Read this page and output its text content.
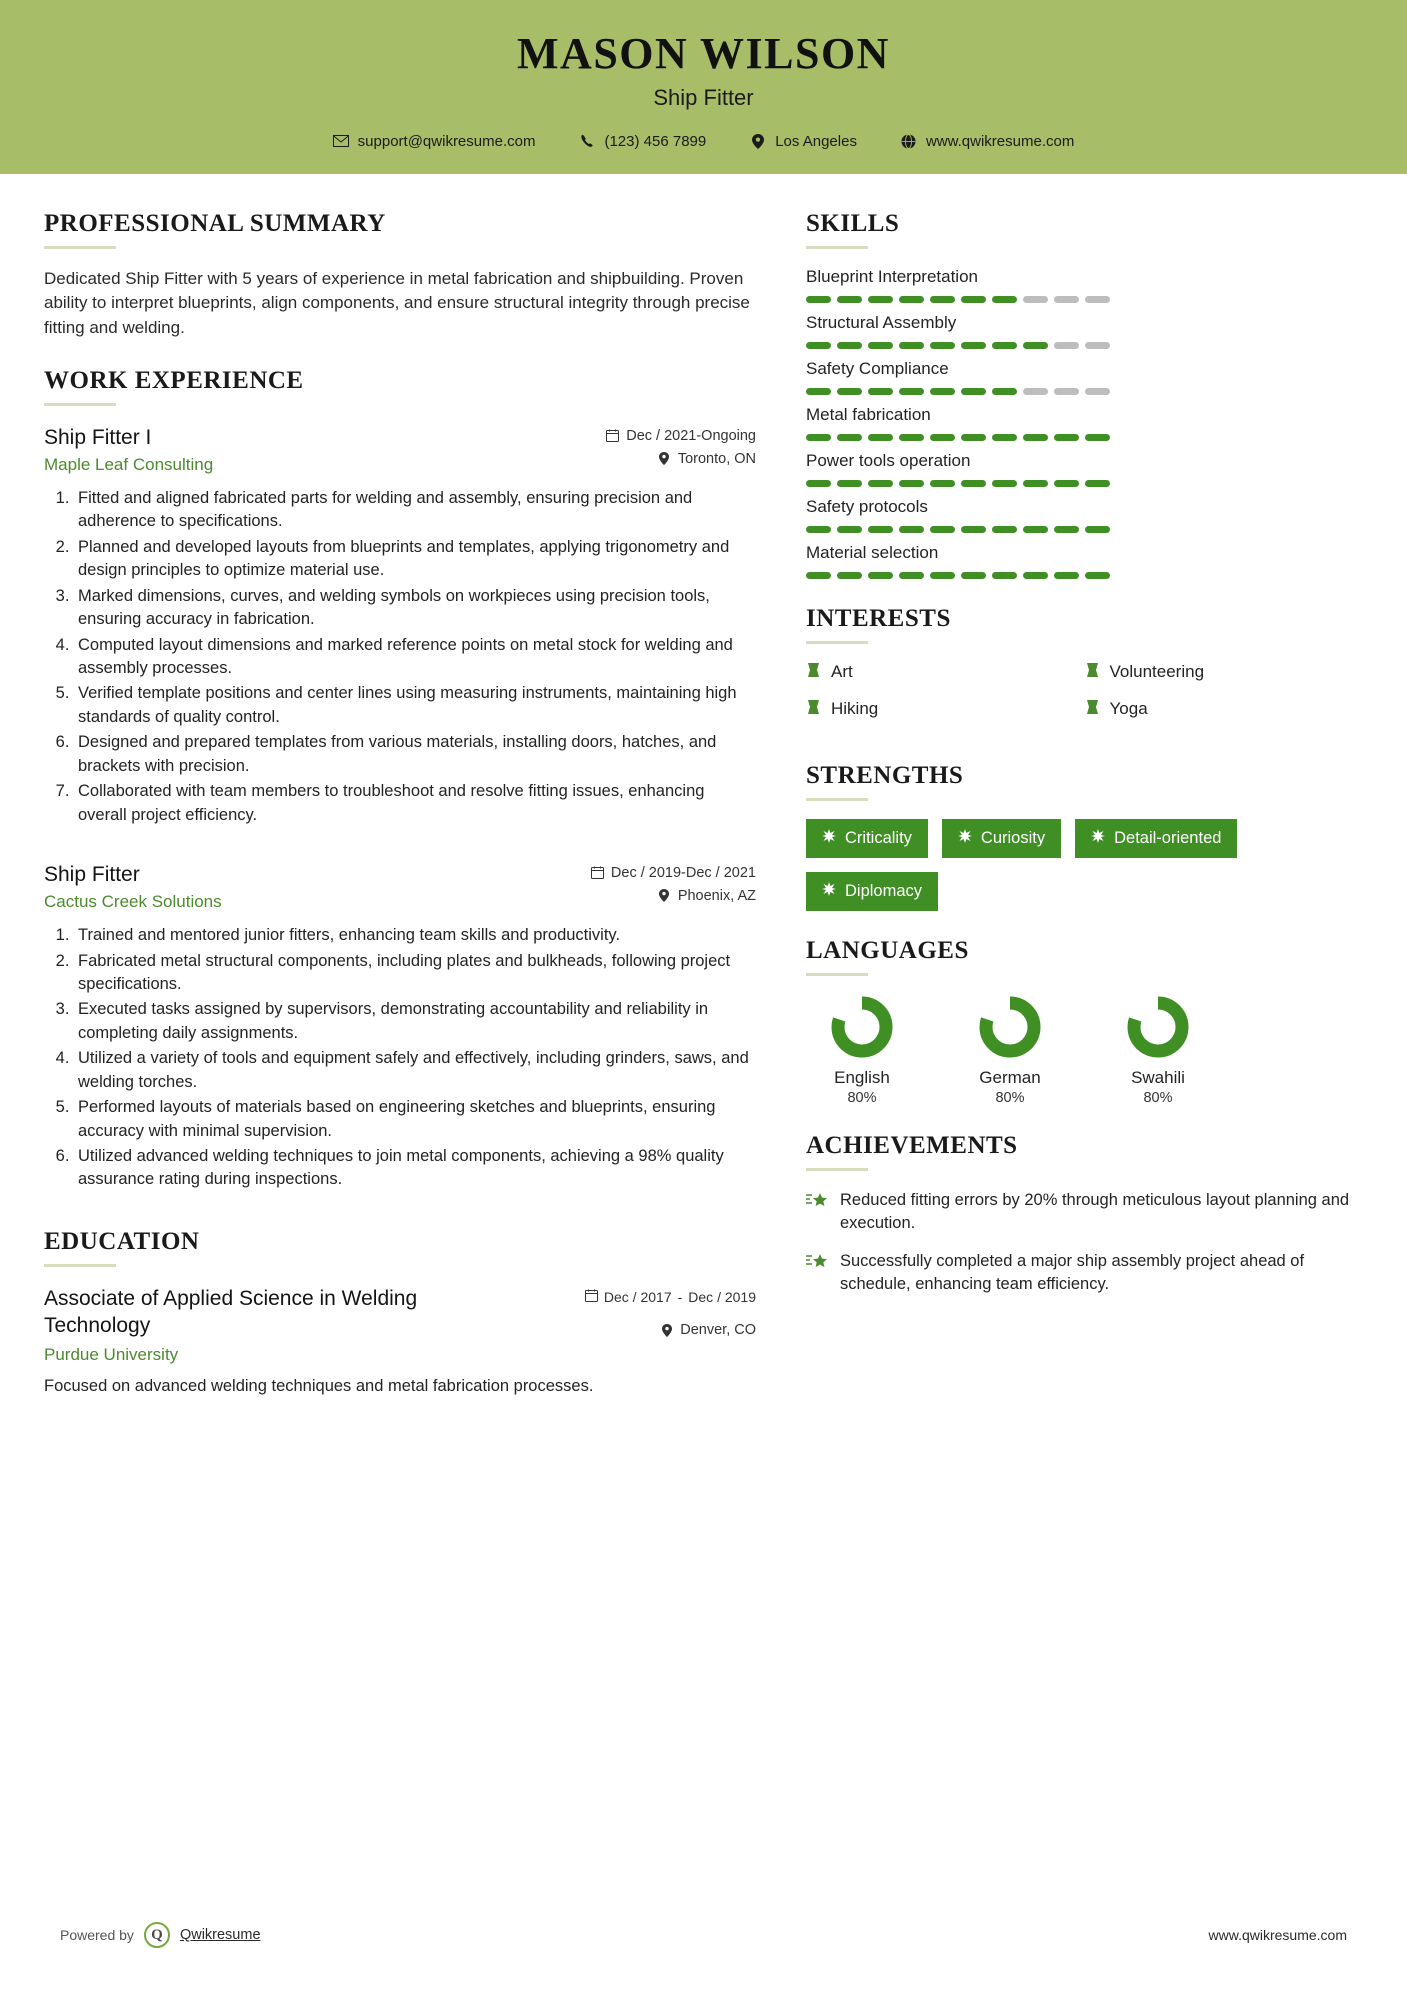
MASON WILSON
Ship Fitter
support@qwikresume.com	(123) 456 7899	Los Angeles	www.qwikresume.com
PROFESSIONAL SUMMARY
Dedicated Ship Fitter with 5 years of experience in metal fabrication and shipbuilding. Proven ability to interpret blueprints, align components, and ensure structural integrity through precise fitting and welding.
WORK EXPERIENCE
Ship Fitter I
Maple Leaf Consulting
Dec / 2021-Ongoing
Toronto, ON
1. Fitted and aligned fabricated parts for welding and assembly, ensuring precision and adherence to specifications.
2. Planned and developed layouts from blueprints and templates, applying trigonometry and design principles to optimize material use.
3. Marked dimensions, curves, and welding symbols on workpieces using precision tools, ensuring accuracy in fabrication.
4. Computed layout dimensions and marked reference points on metal stock for welding and assembly processes.
5. Verified template positions and center lines using measuring instruments, maintaining high standards of quality control.
6. Designed and prepared templates from various materials, installing doors, hatches, and brackets with precision.
7. Collaborated with team members to troubleshoot and resolve fitting issues, enhancing overall project efficiency.
Ship Fitter
Cactus Creek Solutions
Dec / 2019-Dec / 2021
Phoenix, AZ
1. Trained and mentored junior fitters, enhancing team skills and productivity.
2. Fabricated metal structural components, including plates and bulkheads, following project specifications.
3. Executed tasks assigned by supervisors, demonstrating accountability and reliability in completing daily assignments.
4. Utilized a variety of tools and equipment safely and effectively, including grinders, saws, and welding torches.
5. Performed layouts of materials based on engineering sketches and blueprints, ensuring accuracy with minimal supervision.
6. Utilized advanced welding techniques to join metal components, achieving a 98% quality assurance rating during inspections.
EDUCATION
Associate of Applied Science in Welding Technology
Purdue University
Dec / 2017 - Dec / 2019
Denver, CO
Focused on advanced welding techniques and metal fabrication processes.
SKILLS
Blueprint Interpretation
Structural Assembly
Safety Compliance
Metal fabrication
Power tools operation
Safety protocols
Material selection
INTERESTS
Art	Volunteering
Hiking	Yoga
STRENGTHS
Criticality	Curiosity	Detail-oriented
Diplomacy
LANGUAGES
English
80%
German
80%
Swahili
80%
ACHIEVEMENTS
Reduced fitting errors by 20% through meticulous layout planning and execution.
Successfully completed a major ship assembly project ahead of schedule, enhancing team efficiency.
Powered by	Q	Qwikresume	www.qwikresume.com
